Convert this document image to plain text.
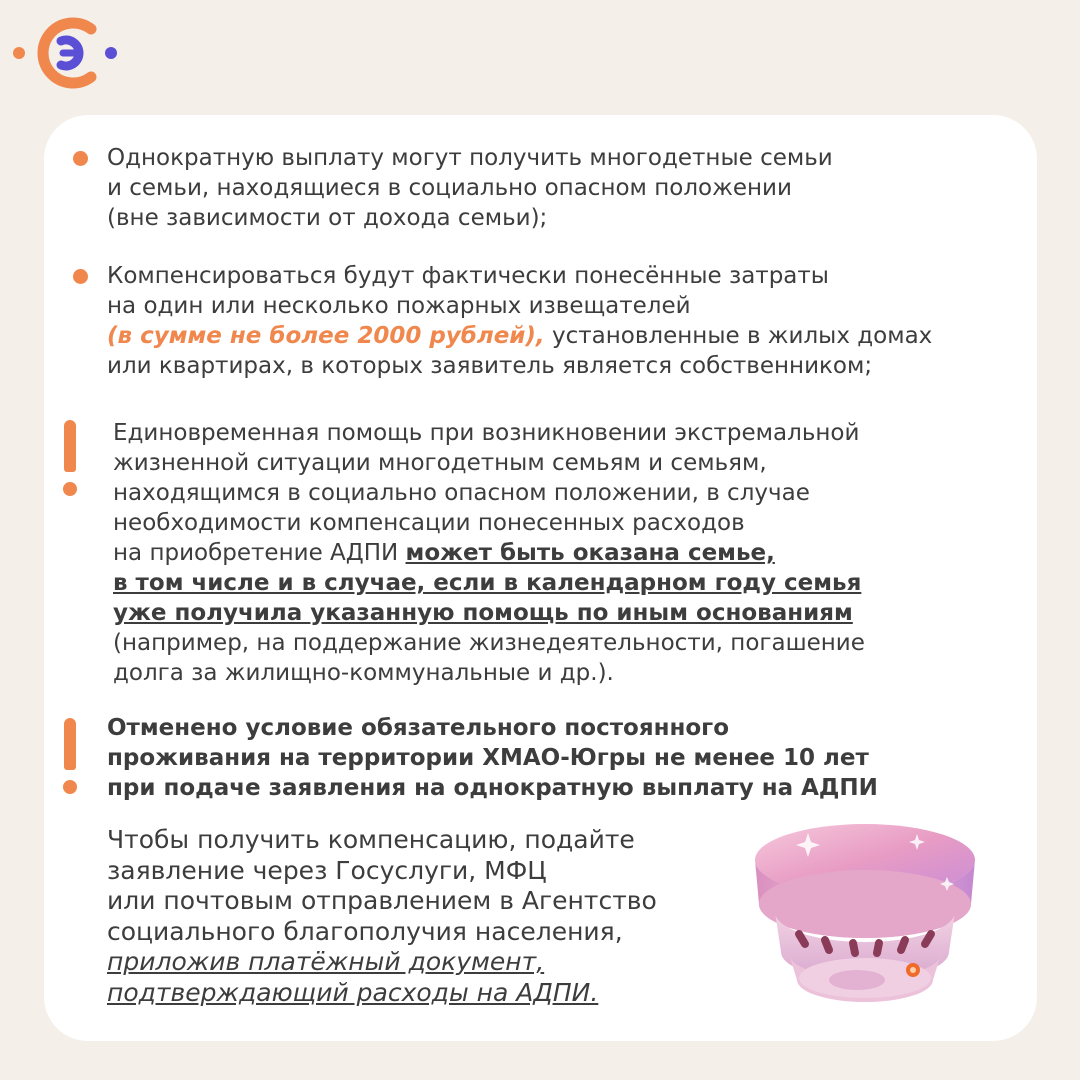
Однократную выплату могут получить многодетные семьи
и семьи, находящиеся в социально опасном положении
(вне зависимости от дохода семьи);

Компенсироваться будут фактически понесённые затраты
на один или несколько пожарных извещателей
(в сумме не более 2000 рублей), установленные в жилых домах
или квартирах, в которых заявитель является собственником;

Единовременная помощь при возникновении экстремальной
жизненной ситуации многодетным семьям и семьям,
находящимся в социально опасном положении, в случае
необходимости компенсации понесенных расходов
на приобретение АДПИ может быть оказана семье,
в том числе и в случае, если в календарном году семья
уже получила указанную помощь по иным основаниям
(например, на поддержание жизнедеятельности, погашение
долга за жилищно-коммунальные и др.).

Отменено условие обязательного постоянного
проживания на территории ХМАО-Югры не менее 10 лет
при подаче заявления на однократную выплату на АДПИ

Чтобы получить компенсацию, подайте
заявление через Госуслуги, МФЦ
или почтовым отправлением в Агентство
социального благополучия населения,
приложив платёжный документ,
подтверждающий расходы на АДПИ.
